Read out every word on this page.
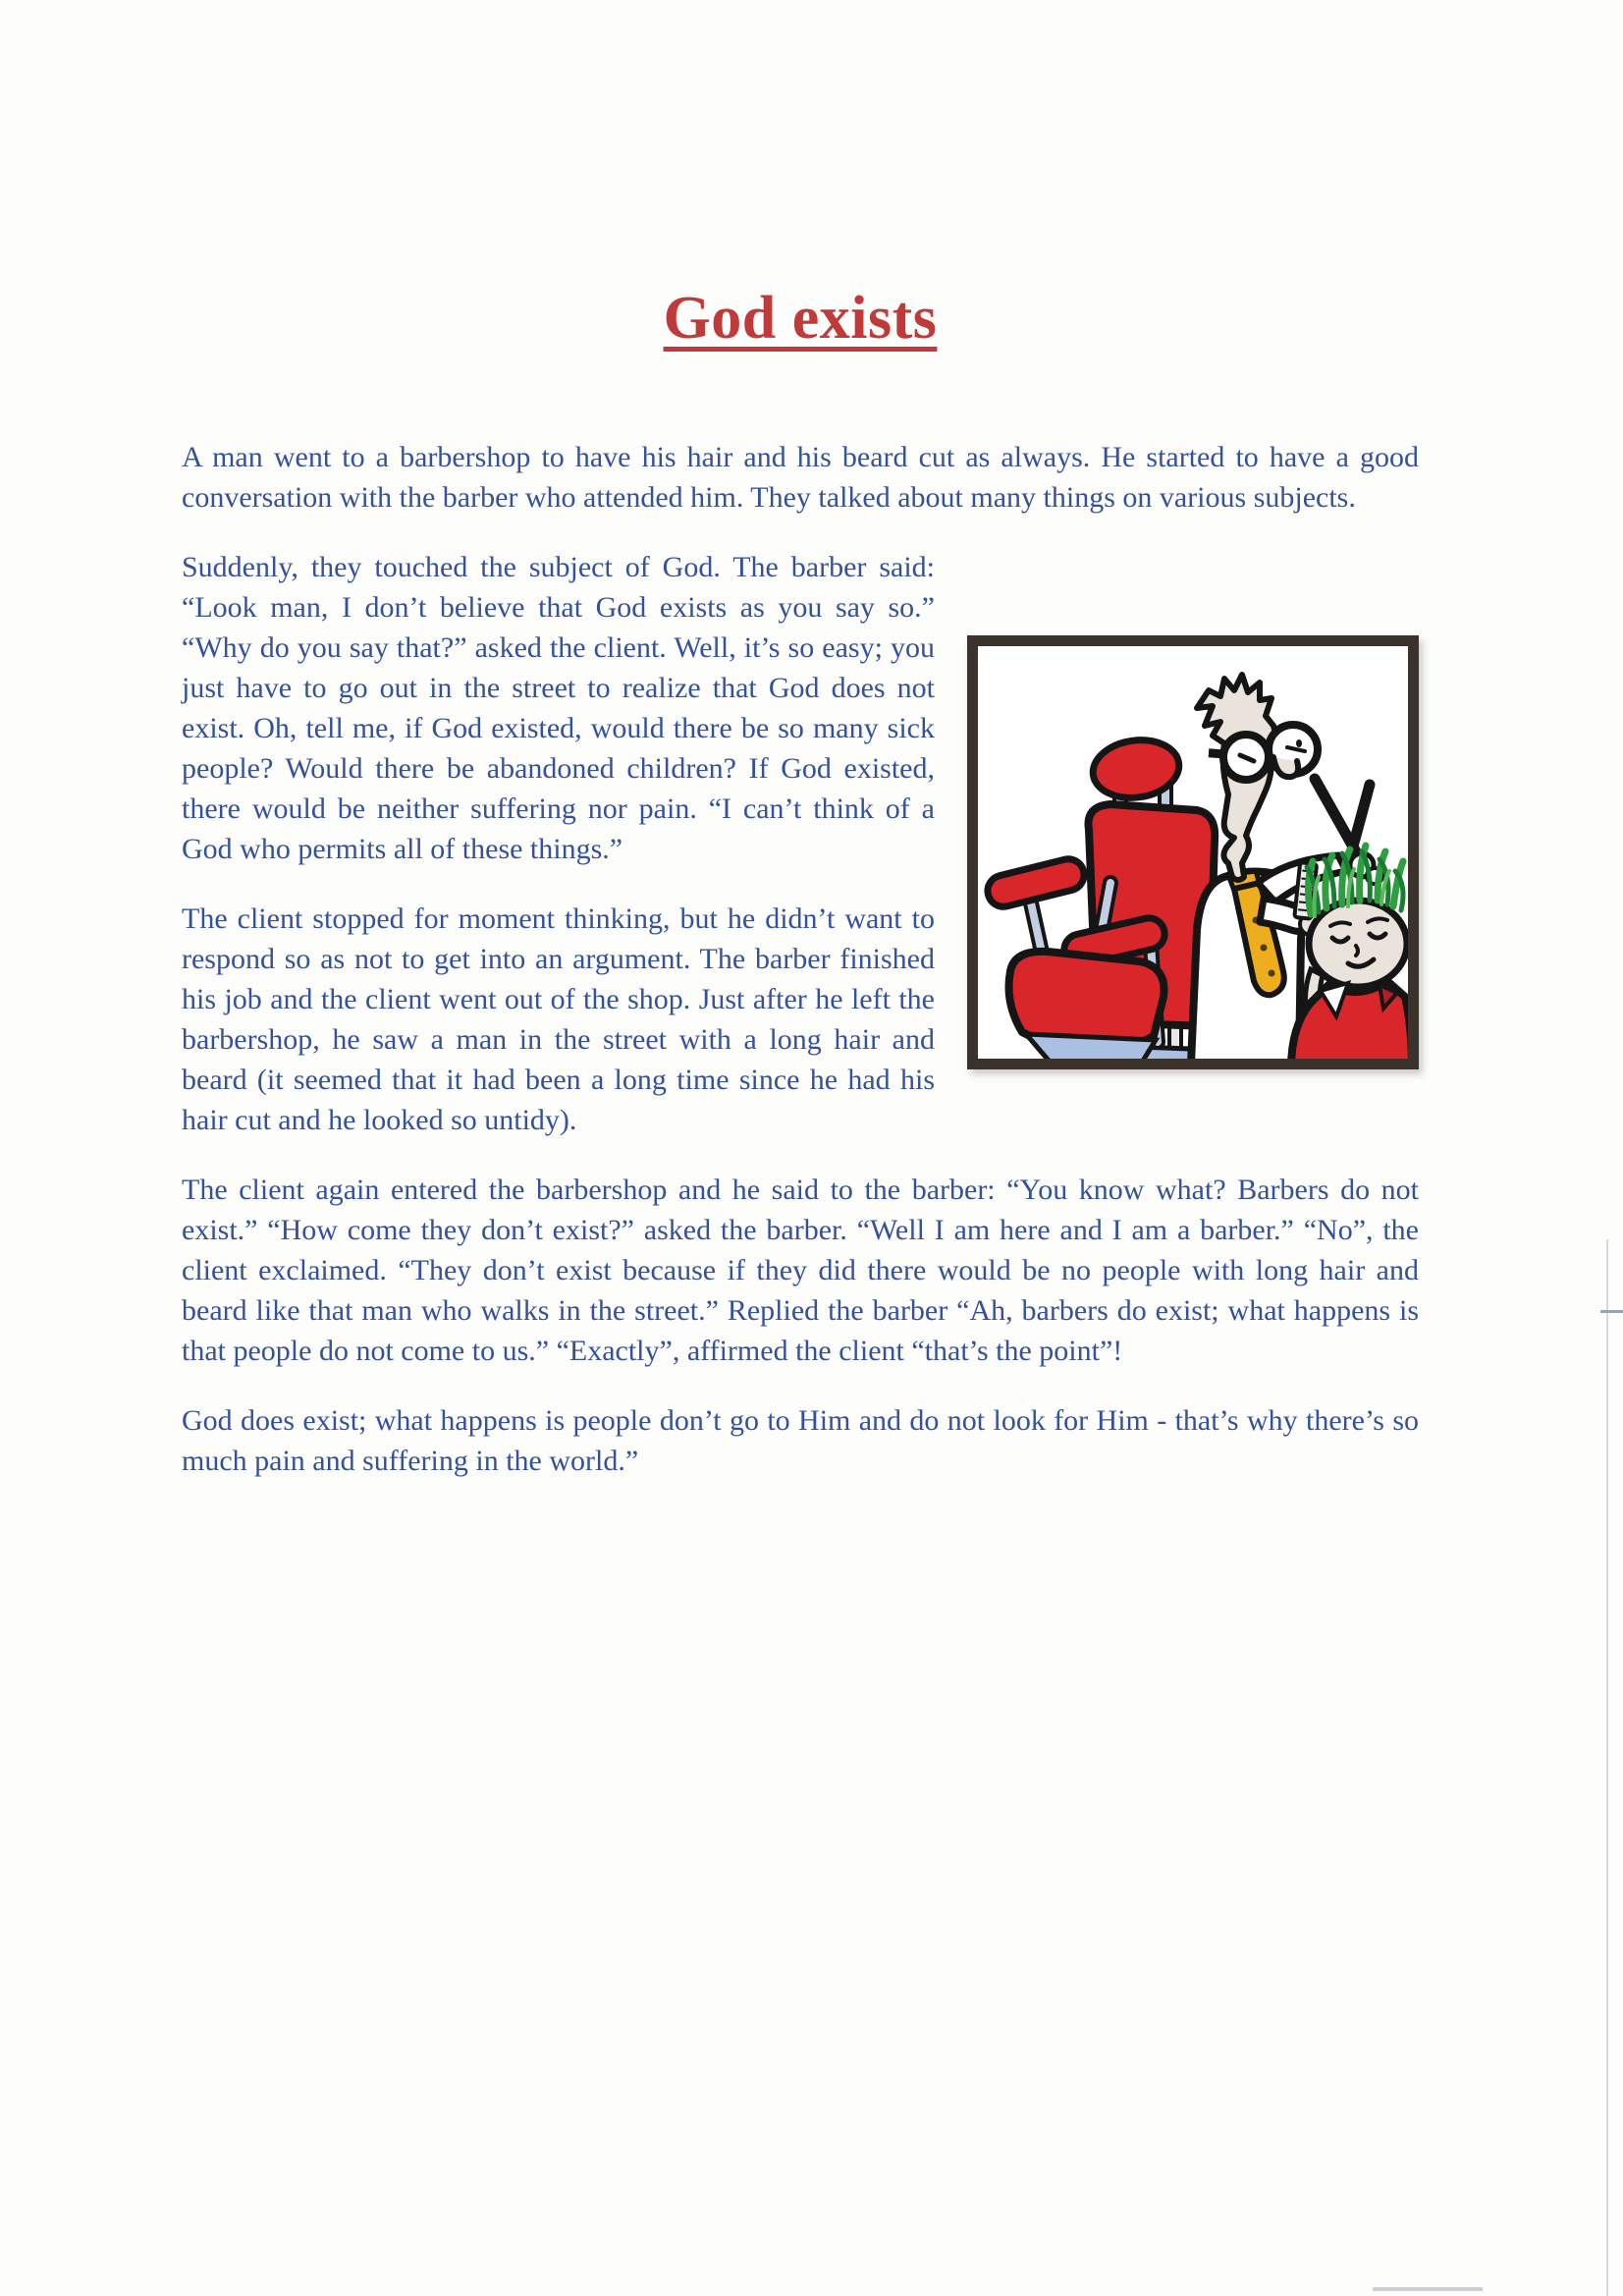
God exists

A man went to a barbershop to have his hair and his beard cut as always. He started to have a good conversation with the barber who attended him. They talked about many things on various subjects.

Suddenly, they touched the subject of God. The barber said: “Look man, I don’t believe that God exists as you say so.” “Why do you say that?” asked the client. Well, it’s so easy; you just have to go out in the street to realize that God does not exist. Oh, tell me, if God existed, would there be so many sick people? Would there be abandoned children? If God existed, there would be neither suffering nor pain. “I can’t think of a God who permits all of these things.”

The client stopped for moment thinking, but he didn’t want to respond so as not to get into an argument. The barber finished his job and the client went out of the shop. Just after he left the barbershop, he saw a man in the street with a long hair and beard (it seemed that it had been a long time since he had his hair cut and he looked so untidy).

The client again entered the barbershop and he said to the barber: “You know what? Barbers do not exist.” “How come they don’t exist?” asked the barber. “Well I am here and I am a barber.” “No”, the client exclaimed. “They don’t exist because if they did there would be no people with long hair and beard like that man who walks in the street.” Replied the barber “Ah, barbers do exist; what happens is that people do not come to us.” “Exactly”, affirmed the client “that’s the point”!

God does exist; what happens is people don’t go to Him and do not look for Him - that’s why there’s so much pain and suffering in the world.”
